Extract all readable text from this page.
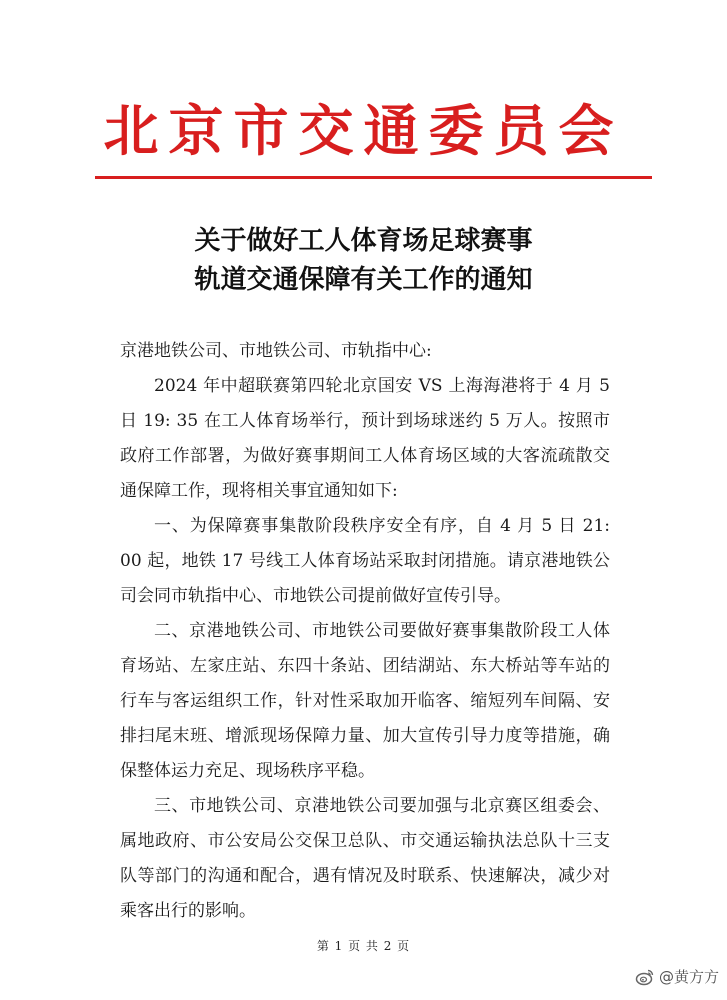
北京市交通委员会
关于做好工人体育场足球赛事
轨道交通保障有关工作的通知

京港地铁公司、市地铁公司、市轨指中心:

2024 年中超联赛第四轮北京国安 VS 上海海港将于 4 月 5 日 19: 35 在工人体育场举行，预计到场球迷约 5 万人。按照市政府工作部署，为做好赛事期间工人体育场区域的大客流疏散交通保障工作，现将相关事宜通知如下:

一、为保障赛事集散阶段秩序安全有序，自 4 月 5 日 21: 00 起，地铁 17 号线工人体育场站采取封闭措施。请京港地铁公司会同市轨指中心、市地铁公司提前做好宣传引导。

二、京港地铁公司、市地铁公司要做好赛事集散阶段工人体育场站、左家庄站、东四十条站、团结湖站、东大桥站等车站的行车与客运组织工作，针对性采取加开临客、缩短列车间隔、安排扫尾末班、增派现场保障力量、加大宣传引导力度等措施，确保整体运力充足、现场秩序平稳。

三、市地铁公司、京港地铁公司要加强与北京赛区组委会、属地政府、市公安局公交保卫总队、市交通运输执法总队十三支队等部门的沟通和配合，遇有情况及时联系、快速解决，减少对乘客出行的影响。

第 1 页 共 2 页
@黄方方
